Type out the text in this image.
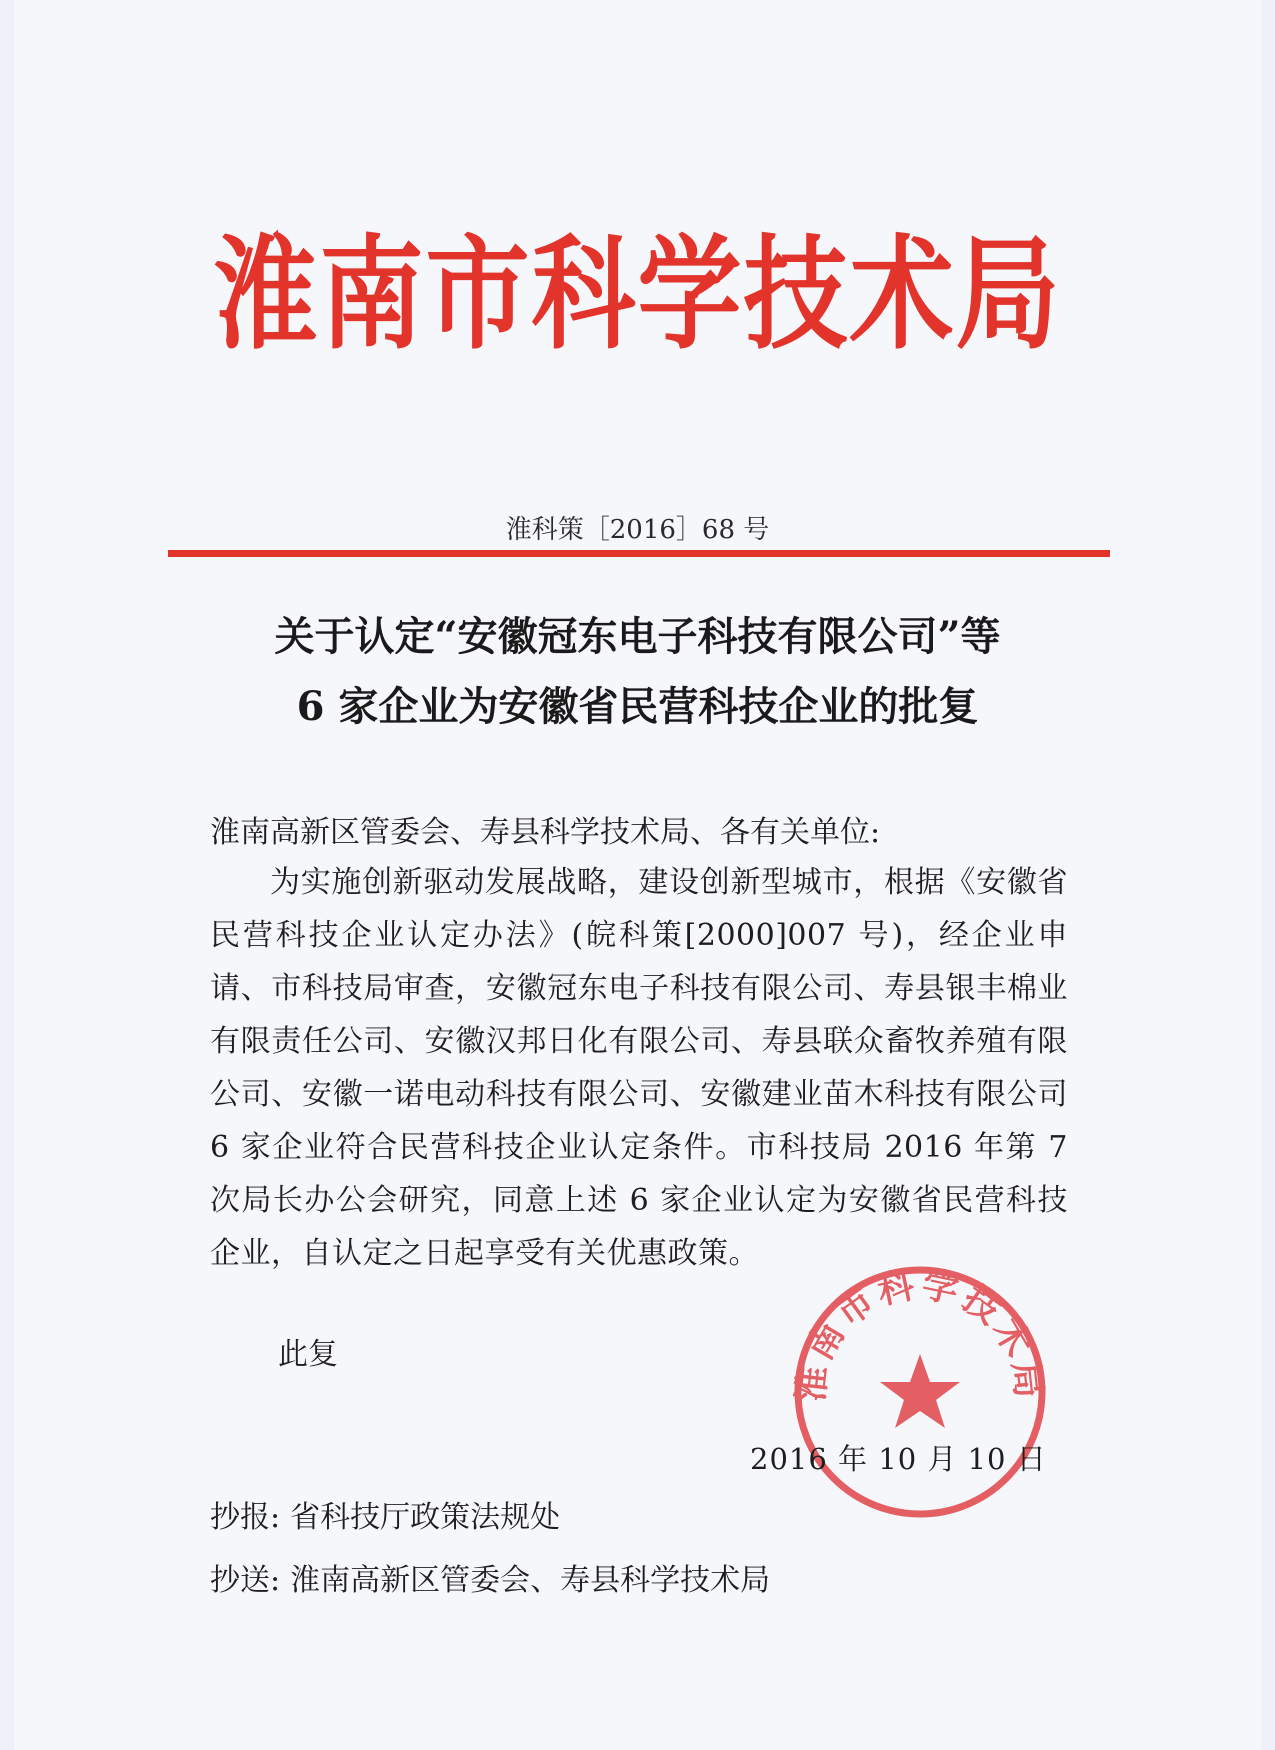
淮南市科学技术局
淮科策［2016］68 号
关于认定“安徽冠东电子科技有限公司”等
6 家企业为安徽省民营科技企业的批复
淮南高新区管委会、寿县科学技术局、各有关单位:
为实施创新驱动发展战略，建设创新型城市，根据《安徽省民营科技企业认定办法》(皖科策[2000]007 号)，经企业申请、市科技局审查，安徽冠东电子科技有限公司、寿县银丰棉业有限责任公司、安徽汉邦日化有限公司、寿县联众畜牧养殖有限公司、安徽一诺电动科技有限公司、安徽建业苗木科技有限公司 6 家企业符合民营科技企业认定条件。市科技局 2016 年第 7 次局长办公会研究，同意上述 6 家企业认定为安徽省民营科技企业，自认定之日起享受有关优惠政策。
此复
淮南市科学技术局
2016 年 10 月 10 日
抄报: 省科技厅政策法规处
抄送: 淮南高新区管委会、寿县科学技术局
